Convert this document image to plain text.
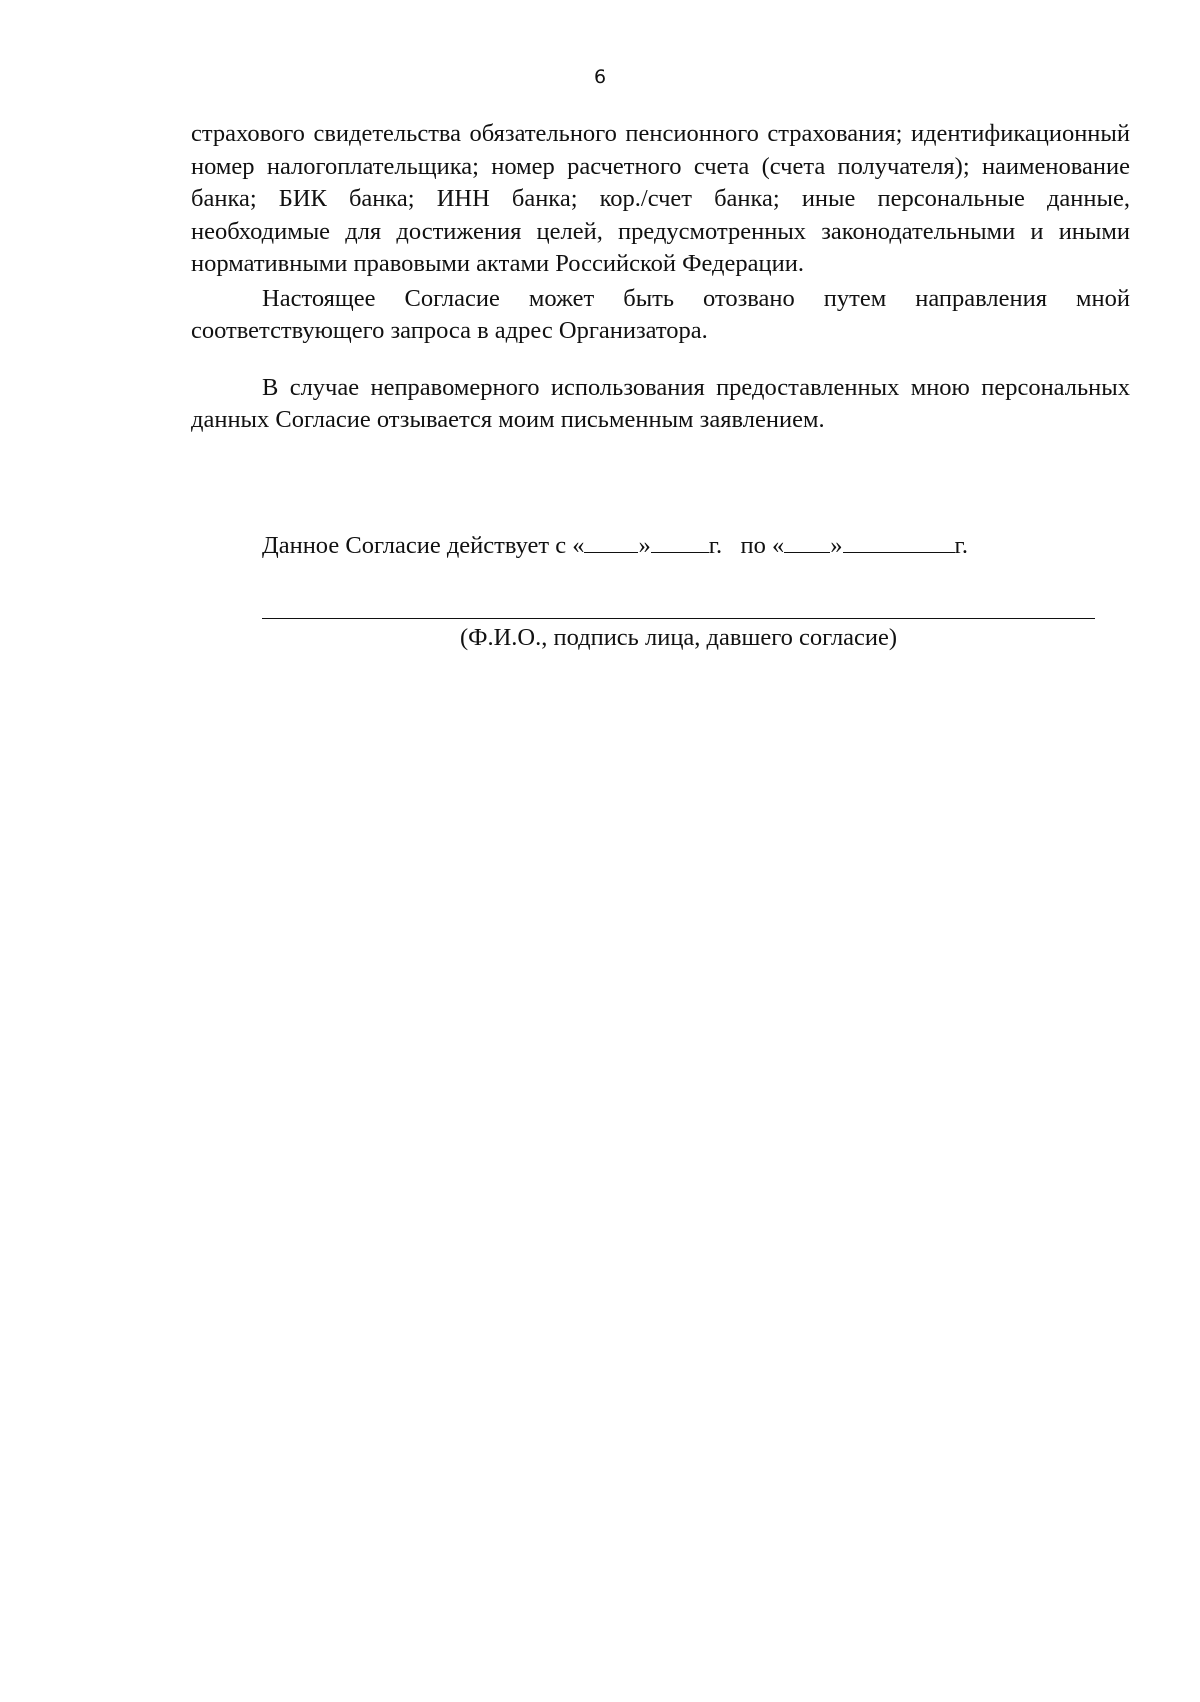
6

страхового свидетельства обязательного пенсионного страхования; идентификационный номер налогоплательщика; номер расчетного счета (счета получателя); наименование банка; БИК банка; ИНН банка; кор./счет банка; иные персональные данные, необходимые для достижения целей, предусмотренных законодательными и иными нормативными правовыми актами Российской Федерации.

Настоящее Согласие может быть отозвано путем направления мной соответствующего запроса в адрес Организатора.

В случае неправомерного использования предоставленных мною персональных данных Согласие отзывается моим письменным заявлением.

Данное Согласие действует с « » г. по « »	г.
(Ф.И.О., подпись лица, давшего согласие)
